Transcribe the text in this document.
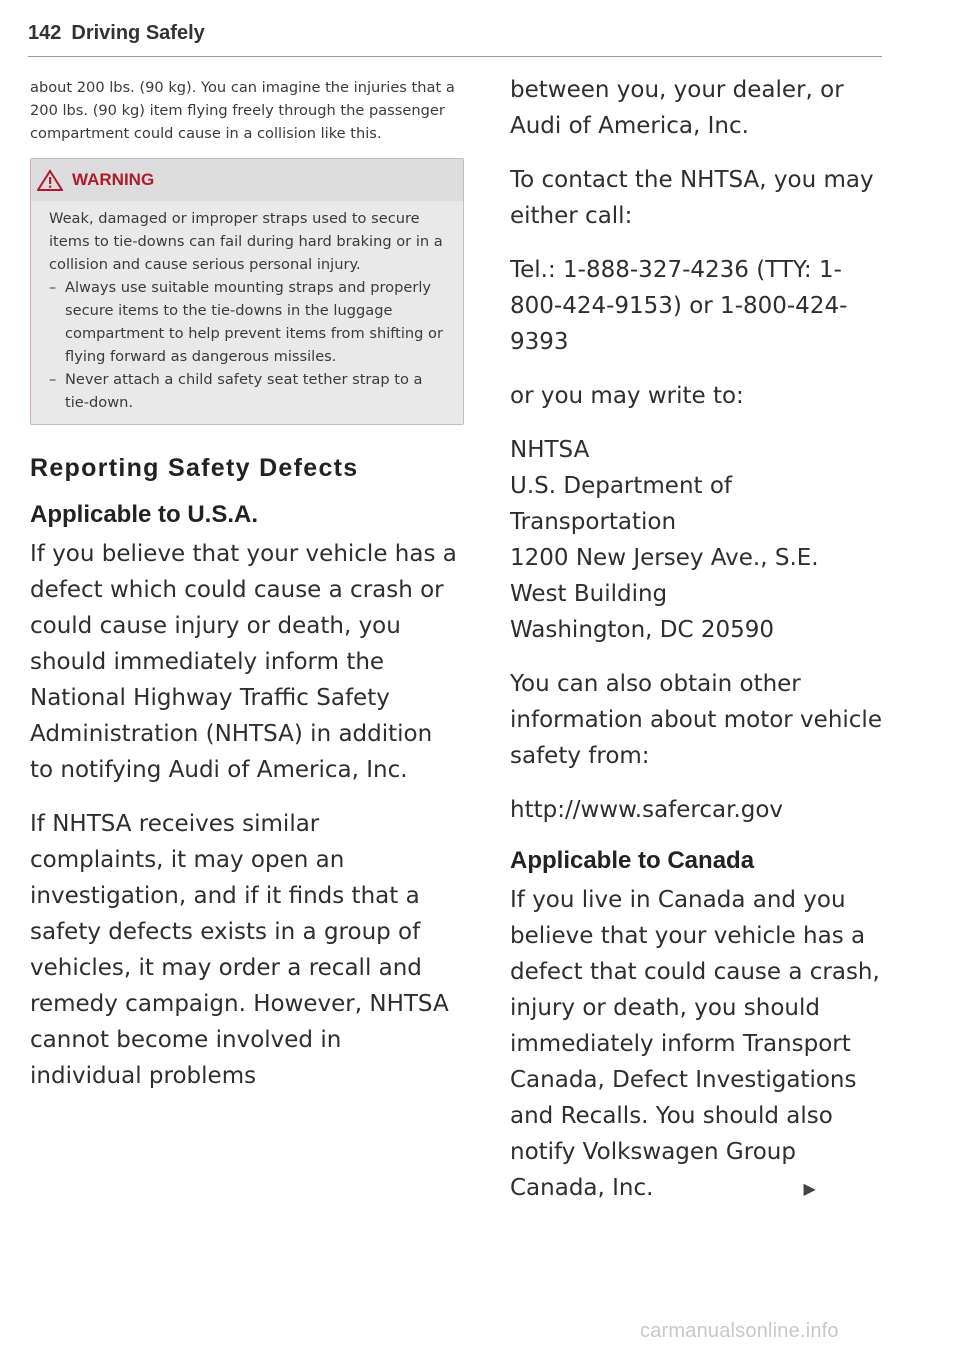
142 Driving Safely

about 200 lbs. (90 kg). You can imagine the injuries that a 200 lbs. (90 kg) item flying freely through the passenger compartment could cause in a collision like this.

WARNING

Weak, damaged or improper straps used to secure items to tie-downs can fail during hard braking or in a collision and cause serious personal injury.

– Always use suitable mounting straps and properly secure items to the tie-downs in the luggage compartment to help prevent items from shifting or flying forward as dangerous missiles.
– Never attach a child safety seat tether strap to a tie-down.
Reporting Safety Defects
Applicable to U.S.A.

If you believe that your vehicle has a defect which could cause a crash or could cause injury or death, you should immediately inform the National Highway Traffic Safety Administration (NHTSA) in addition to notifying Audi of America, Inc.

If NHTSA receives similar complaints, it may open an investigation, and if it finds that a safety defects exists in a group of vehicles, it may order a recall and remedy campaign. However, NHTSA cannot become involved in individual problems

between you, your dealer, or Audi of America, Inc.

To contact the NHTSA, you may either call:

Tel.: 1-888-327-4236 (TTY: 1-800-424-9153) or 1-800-424-9393

or you may write to:

NHTSA
U.S. Department of Transportation
1200 New Jersey Ave., S.E.
West Building
Washington, DC 20590

You can also obtain other information about motor vehicle safety from:

http://www.safercar.gov

Applicable to Canada

If you live in Canada and you believe that your vehicle has a defect that could cause a crash, injury or death, you should immediately inform Transport Canada, Defect Investigations and Recalls. You should also notify Volkswagen Group Canada, Inc.	▶

carmanualsonline.info
